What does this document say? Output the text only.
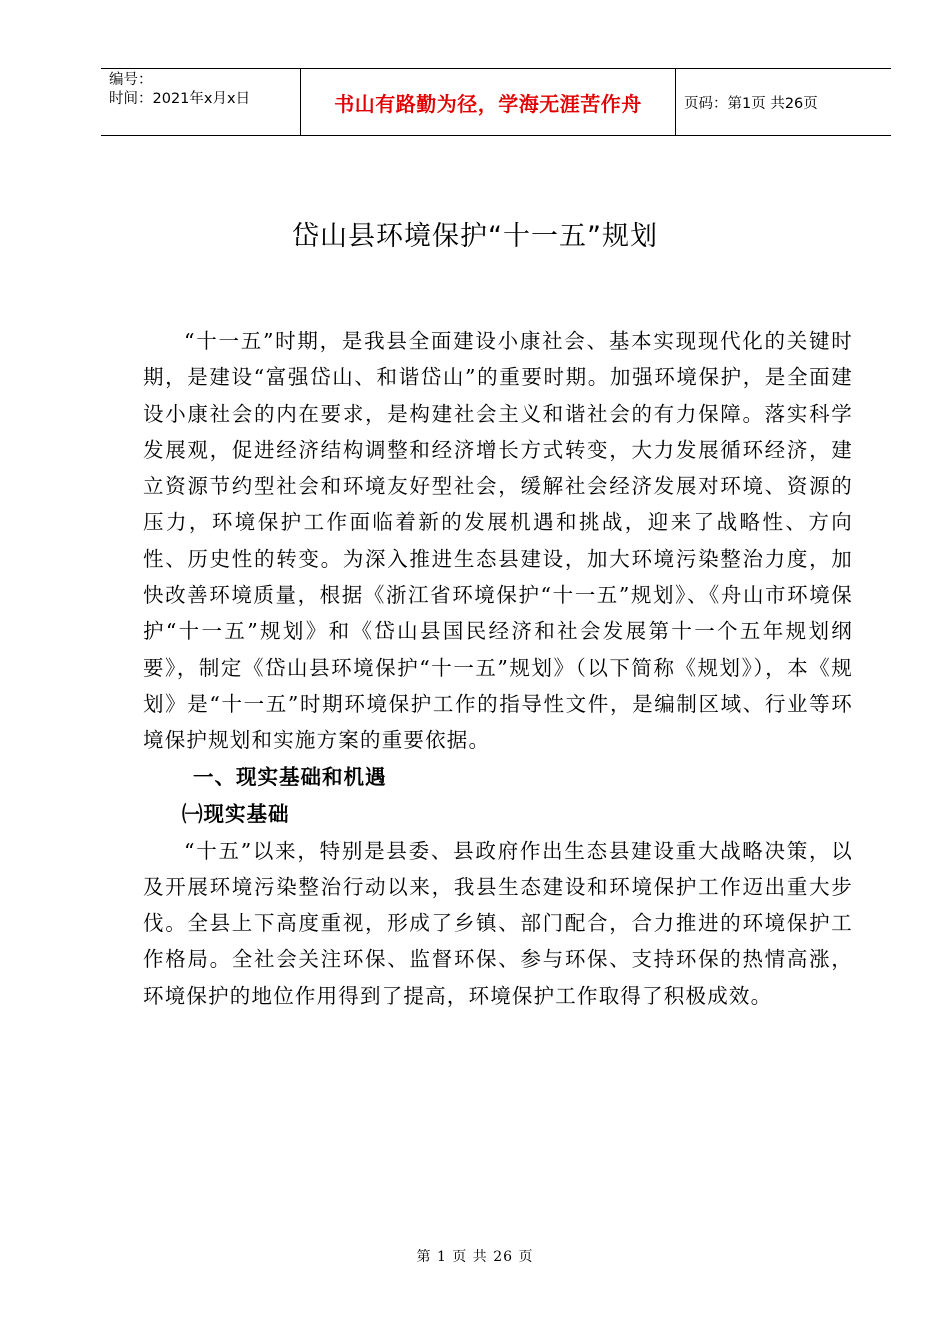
编号：
时间：2021年x月x日	书山有路勤为径，学海无涯苦作舟	页码：第1页 共26页
岱山县环境保护“十一五”规划

“十一五”时期，是我县全面建设小康社会、基本实现现代化的关键时期，是建设“富强岱山、和谐岱山”的重要时期。加强环境保护，是全面建设小康社会的内在要求，是构建社会主义和谐社会的有力保障。落实科学发展观，促进经济结构调整和经济增长方式转变，大力发展循环经济，建立资源节约型社会和环境友好型社会，缓解社会经济发展对环境、资源的压力，环境保护工作面临着新的发展机遇和挑战，迎来了战略性、方向性、历史性的转变。为深入推进生态县建设，加大环境污染整治力度，加快改善环境质量，根据《浙江省环境保护“十一五”规划》、《舟山市环境保护“十一五”规划》和《岱山县国民经济和社会发展第十一个五年规划纲要》，制定《岱山县环境保护“十一五”规划》（以下简称《规划》），本《规划》是“十一五”时期环境保护工作的指导性文件，是编制区域、行业等环境保护规划和实施方案的重要依据。

一、现实基础和机遇
㈠现实基础

“十五”以来，特别是县委、县政府作出生态县建设重大战略决策，以及开展环境污染整治行动以来，我县生态建设和环境保护工作迈出重大步伐。全县上下高度重视，形成了乡镇、部门配合，合力推进的环境保护工作格局。全社会关注环保、监督环保、参与环保、支持环保的热情高涨，环境保护的地位作用得到了提高，环境保护工作取得了积极成效。

第 1 页 共 26 页
